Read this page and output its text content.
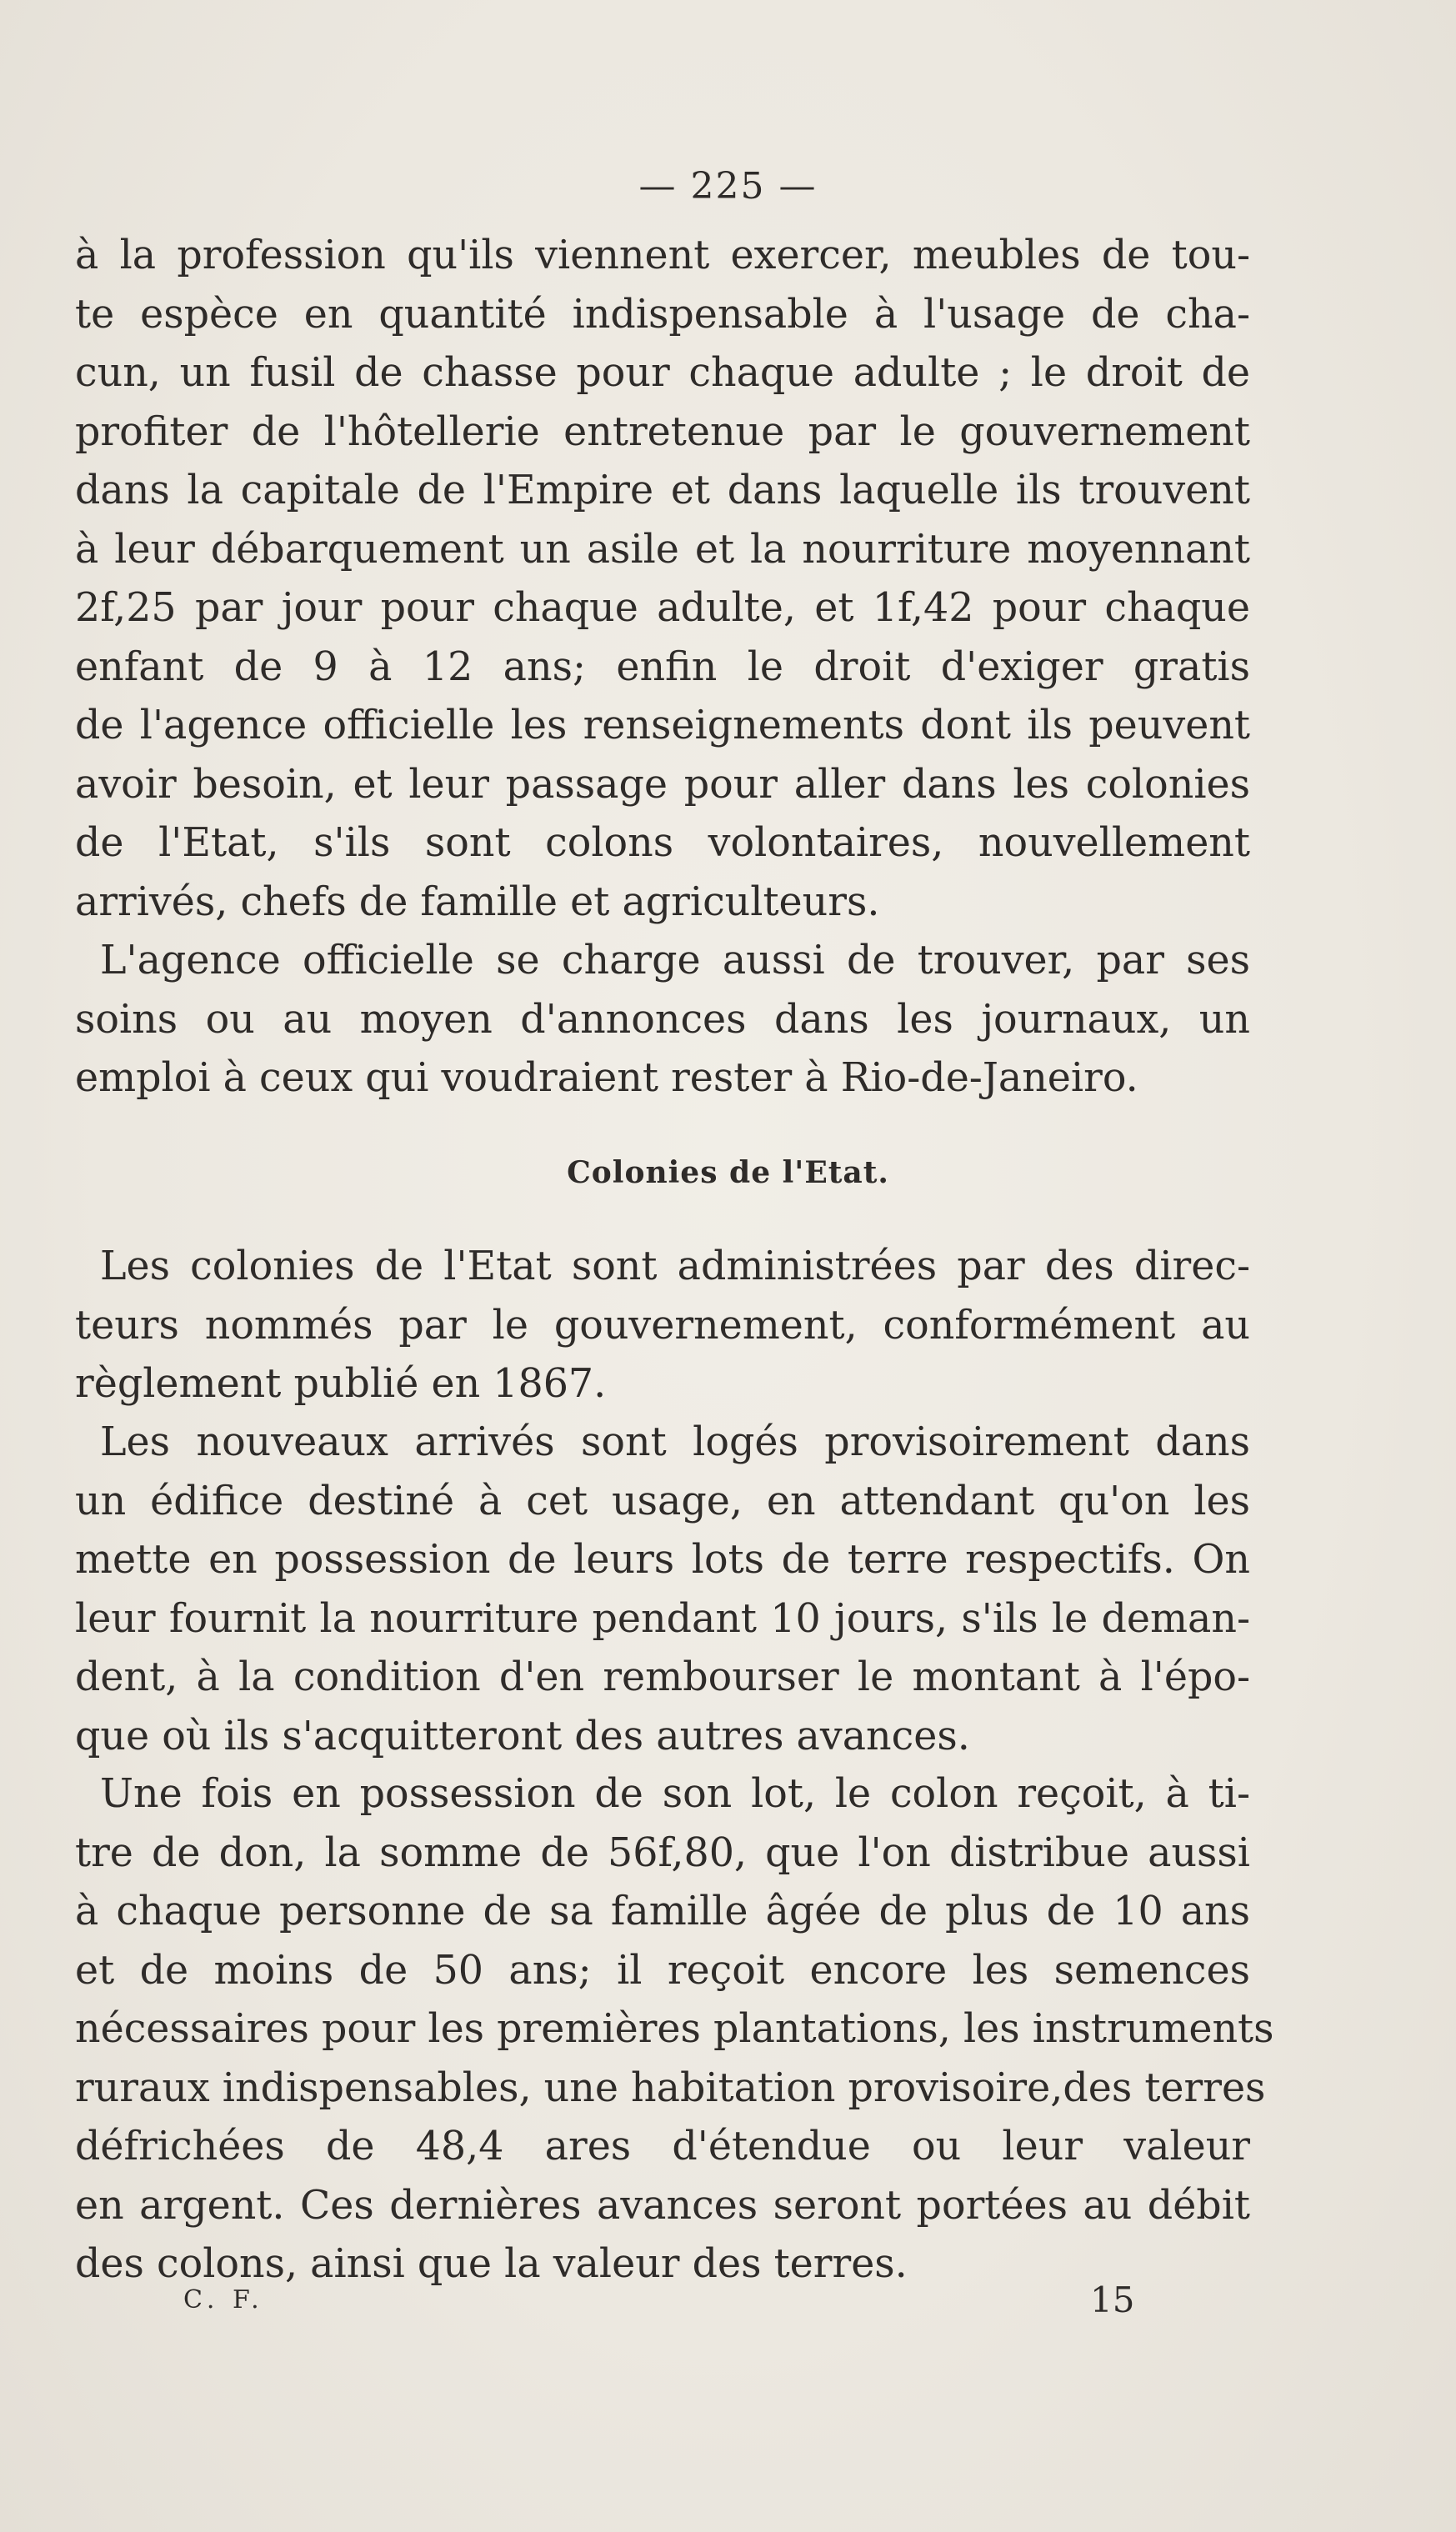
— 225 —
à la profession qu'ils viennent exercer, meubles de tou-
te espèce en quantité indispensable à l'usage de cha-
cun, un fusil de chasse pour chaque adulte ; le droit de
profiter de l'hôtellerie entretenue par le gouvernement
dans la capitale de l'Empire et dans laquelle ils trouvent
à leur débarquement un asile et la nourriture moyennant
2f,25 par jour pour chaque adulte, et 1f,42 pour chaque
enfant de 9 à 12 ans; enfin le droit d'exiger gratis
de l'agence officielle les renseignements dont ils peuvent
avoir besoin, et leur passage pour aller dans les colonies
de l'Etat, s'ils sont colons volontaires, nouvellement
arrivés, chefs de famille et agriculteurs.
L'agence officielle se charge aussi de trouver, par ses
soins ou au moyen d'annonces dans les journaux, un
emploi à ceux qui voudraient rester à Rio-de-Janeiro.
Colonies de l'Etat.
Les colonies de l'Etat sont administrées par des direc-
teurs nommés par le gouvernement, conformément au
règlement publié en 1867.
Les nouveaux arrivés sont logés provisoirement dans
un édifice destiné à cet usage, en attendant qu'on les
mette en possession de leurs lots de terre respectifs. On
leur fournit la nourriture pendant 10 jours, s'ils le deman-
dent, à la condition d'en rembourser le montant à l'épo-
que où ils s'acquitteront des autres avances.
Une fois en possession de son lot, le colon reçoit, à ti-
tre de don, la somme de 56f,80, que l'on distribue aussi
à chaque personne de sa famille âgée de plus de 10 ans
et de moins de 50 ans; il reçoit encore les semences
nécessaires pour les premières plantations, les instruments
ruraux indispensables, une habitation provisoire,des terres
défrichées de 48,4 ares d'étendue ou leur valeur
en argent. Ces dernières avances seront portées au débit
des colons, ainsi que la valeur des terres.
C. F.	15
